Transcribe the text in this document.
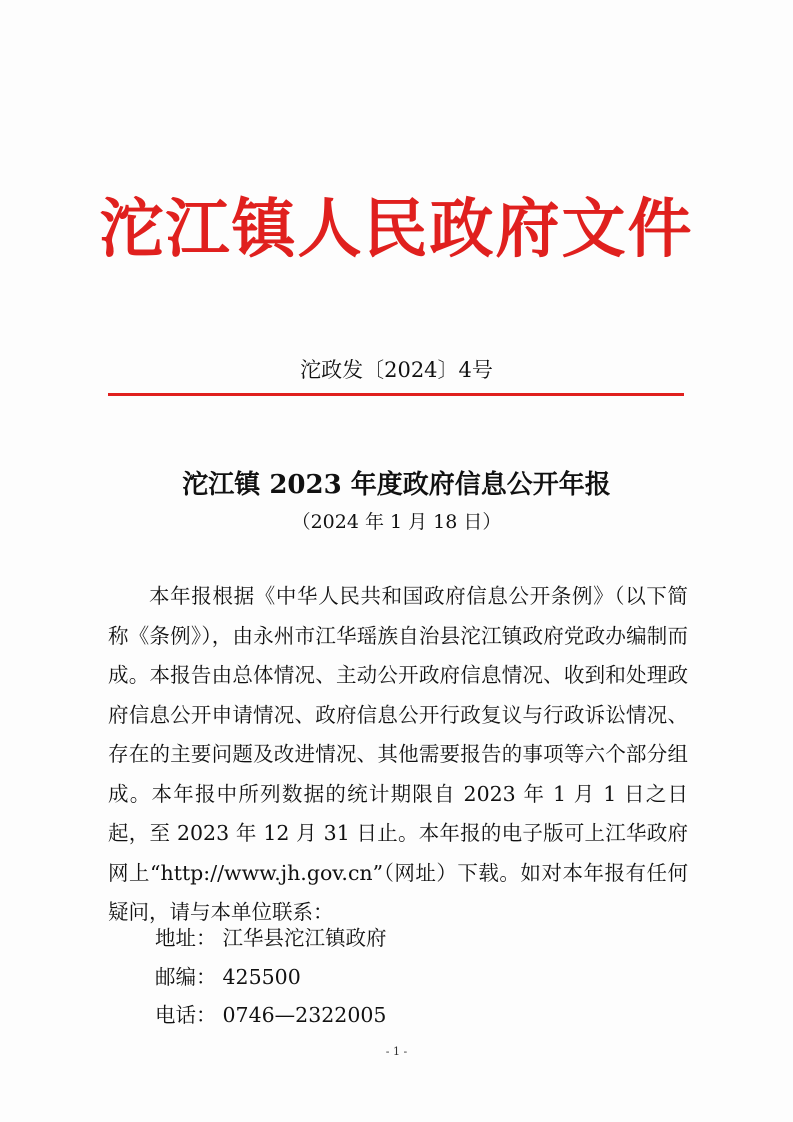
沱江镇人民政府文件
沱政发〔2024〕4号
沱江镇 2023 年度政府信息公开年报
（2024 年 1 月 18 日）

本年报根据《中华人民共和国政府信息公开条例》（以下简称《条例》），由永州市江华瑶族自治县沱江镇政府党政办编制而成。本报告由总体情况、主动公开政府信息情况、收到和处理政府信息公开申请情况、政府信息公开行政复议与行政诉讼情况、存在的主要问题及改进情况、其他需要报告的事项等六个部分组成。本年报中所列数据的统计期限自 2023 年 1 月 1 日之日起，至 2023 年 12 月 31 日止。本年报的电子版可上江华政府网上“http://www.jh.gov.cn”（网址）下载。如对本年报有任何疑问，请与本单位联系：

地址： 江华县沱江镇政府
邮编： 425500
电话： 0746—2322005
- 1 -
